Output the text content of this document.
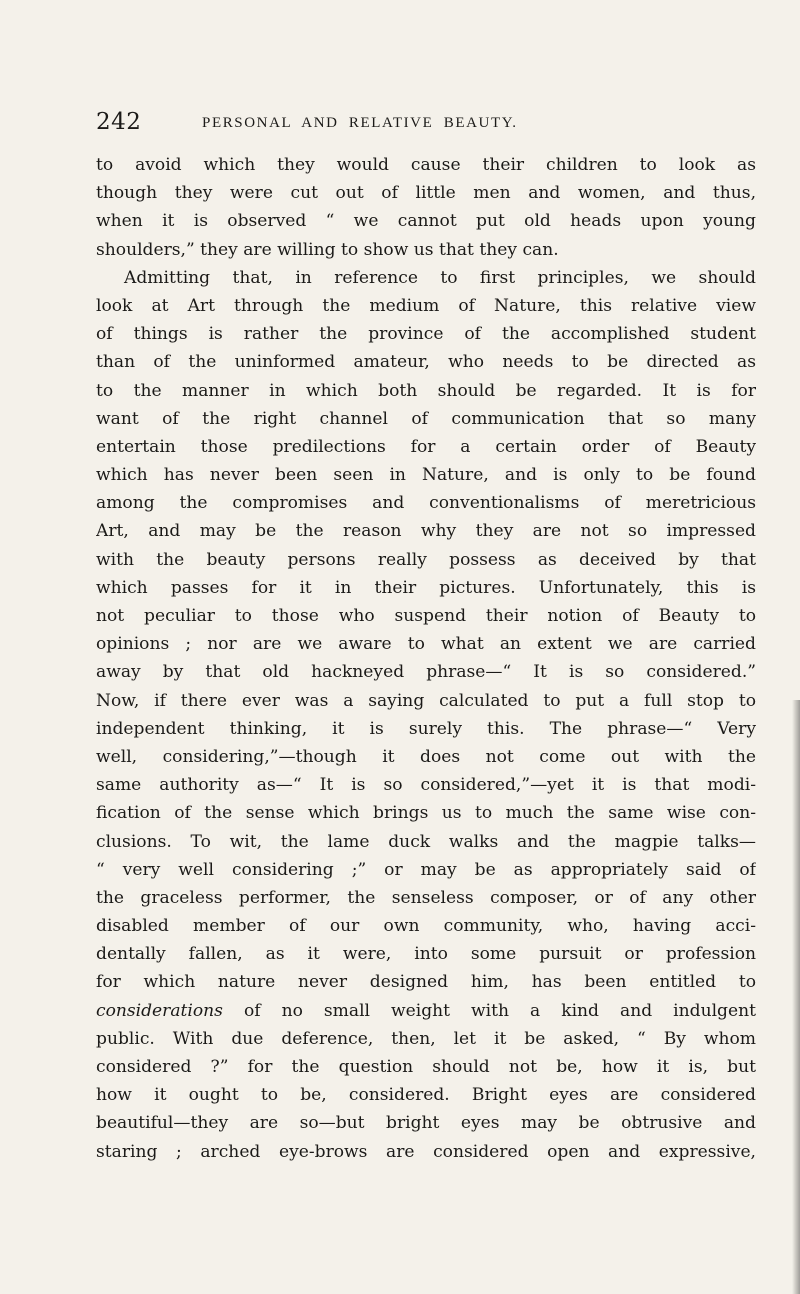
242	PERSONAL AND RELATIVE BEAUTY.
to avoid which they would cause their children to look as
though they were cut out of little men and women, and thus,
when it is observed “ we cannot put old heads upon young
shoulders,” they are willing to show us that they can.
Admitting that, in reference to first principles, we should
look at Art through the medium of Nature, this relative view
of things is rather the province of the accomplished student
than of the uninformed amateur, who needs to be directed as
to the manner in which both should be regarded. It is for
want of the right channel of communication that so many
entertain those predilections for a certain order of Beauty
which has never been seen in Nature, and is only to be found
among the compromises and conventionalisms of meretricious
Art, and may be the reason why they are not so impressed
with the beauty persons really possess as deceived by that
which passes for it in their pictures. Unfortunately, this is
not peculiar to those who suspend their notion of Beauty to
opinions ; nor are we aware to what an extent we are carried
away by that old hackneyed phrase—“ It is so considered.”
Now, if there ever was a saying calculated to put a full stop to
independent thinking, it is surely this. The phrase—“ Very
well, considering,”—though it does not come out with the
same authority as—“ It is so considered,”—yet it is that modi-
fication of the sense which brings us to much the same wise con-
clusions. To wit, the lame duck walks and the magpie talks—
“ very well considering ;” or may be as appropriately said of
the graceless performer, the senseless composer, or of any other
disabled member of our own community, who, having acci-
dentally fallen, as it were, into some pursuit or profession
for which nature never designed him, has been entitled to
considerations of no small weight with a kind and indulgent
public. With due deference, then, let it be asked, “ By whom
considered ?” for the question should not be, how it is, but
how it ought to be, considered. Bright eyes are considered
beautiful—they are so—but bright eyes may be obtrusive and
staring ; arched eye-brows are considered open and expressive,
